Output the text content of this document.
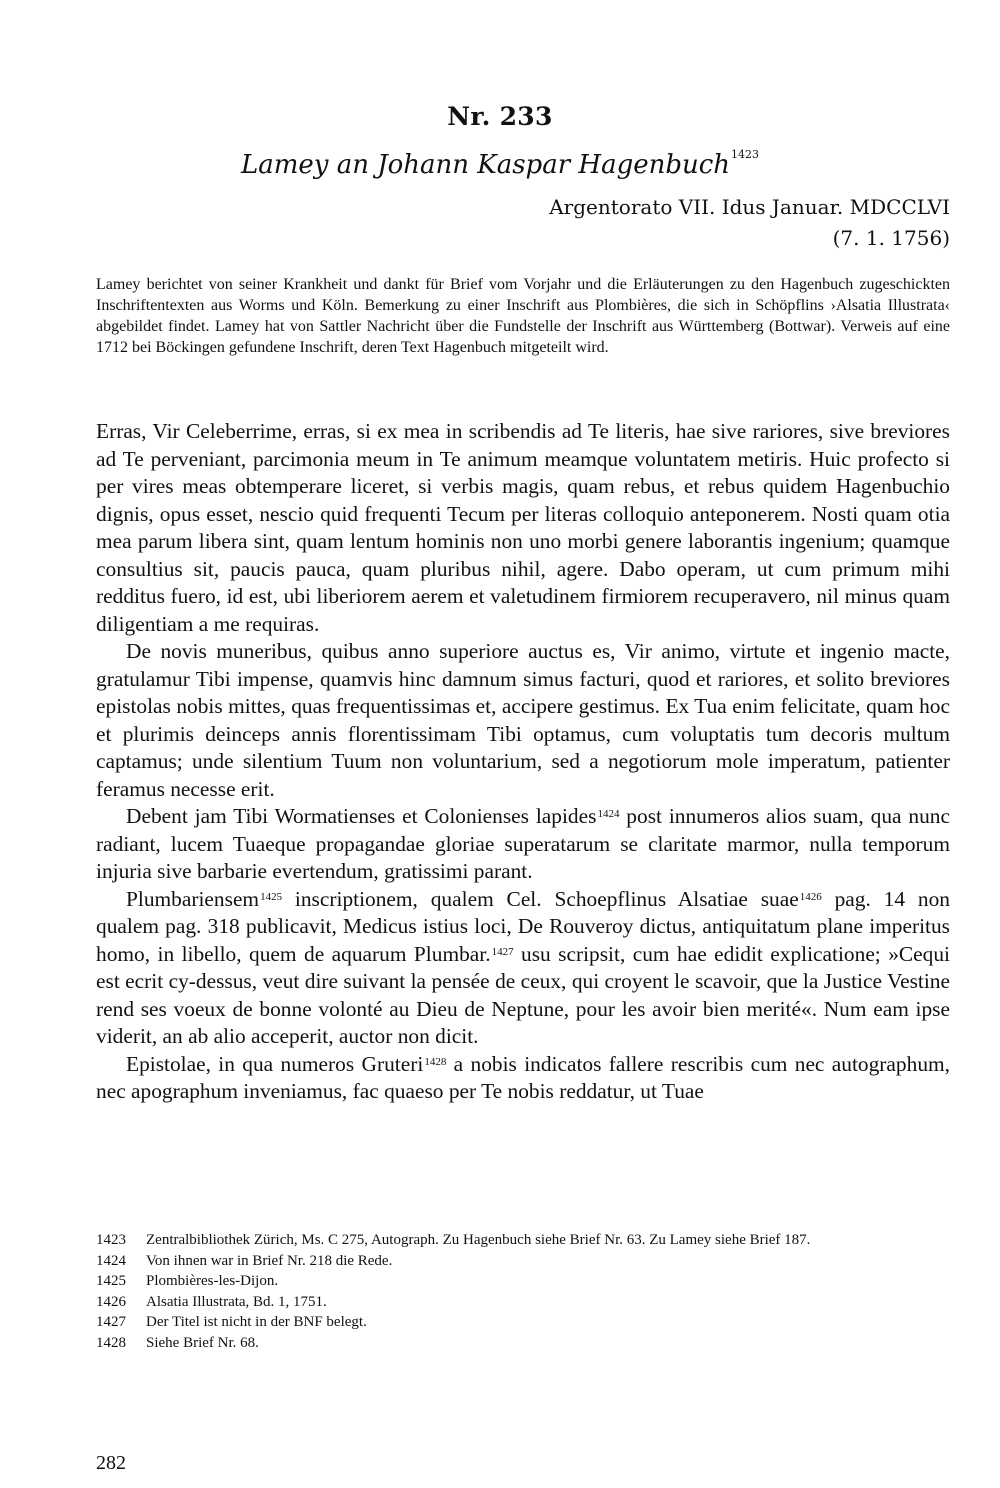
Nr. 233
Lamey an Johann Kaspar Hagenbuch$^{1423}$
Argentorato VII. Idus Januar. MDCCLVI
(7. 1. 1756)
Lamey berichtet von seiner Krankheit und dankt für Brief vom Vorjahr und die Erläuterungen zu den Hagenbuch zugeschickten Inschriftentexten aus Worms und Köln. Bemerkung zu einer Inschrift aus Plombières, die sich in Schöpflins ›Alsatia Illustrata‹ abgebildet findet. Lamey hat von Sattler Nachricht über die Fundstelle der Inschrift aus Württemberg (Bottwar). Verweis auf eine 1712 bei Böckingen gefundene Inschrift, deren Text Hagenbuch mitgeteilt wird.

Erras, Vir Celeberrime, erras, si ex mea in scribendis ad Te literis, hae sive rariores, sive breviores ad Te perveniant, parcimonia meum in Te animum meamque voluntatem metiris. Huic profecto si per vires meas obtemperare liceret, si verbis magis, quam rebus, et rebus quidem Hagenbuchio dignis, opus esset, nescio quid frequenti Tecum per literas colloquio anteponerem. Nosti quam otia mea parum libera sint, quam lentum hominis non uno morbi genere laborantis ingenium; quamque consultius sit, paucis pauca, quam pluribus nihil, agere. Dabo operam, ut cum primum mihi redditus fuero, id est, ubi liberiorem aerem et valetudinem firmiorem recuperavero, nil minus quam diligentiam a me requiras.

De novis muneribus, quibus anno superiore auctus es, Vir animo, virtute et ingenio macte, gratulamur Tibi impense, quamvis hinc damnum simus facturi, quod et rariores, et solito breviores epistolas nobis mittes, quas frequentissimas et, accipere gestimus. Ex Tua enim felicitate, quam hoc et plurimis deinceps annis florentissimam Tibi optamus, cum voluptatis tum decoris multum captamus; unde silentium Tuum non voluntarium, sed a negotiorum mole imperatum, patienter feramus necesse erit.

Debent jam Tibi Wormatienses et Colonienses lapides$^{1424}$ post innumeros alios suam, qua nunc radiant, lucem Tuaeque propagandae gloriae superatarum se claritate marmor, nulla temporum injuria sive barbarie evertendum, gratissimi parant.

Plumbariensem$^{1425}$ inscriptionem, qualem Cel. Schoepflinus Alsatiae suae$^{1426}$ pag. 14 non qualem pag. 318 publicavit, Medicus istius loci, De Rouveroy dictus, antiquitatum plane imperitus homo, in libello, quem de aquarum Plumbar.$^{1427}$ usu scripsit, cum hae edidit explicatione; »Cequi est ecrit cy-dessus, veut dire suivant la pensée de ceux, qui croyent le scavoir, que la Justice Vestine rend ses voeux de bonne volonté au Dieu de Neptune, pour les avoir bien merité«. Num eam ipse viderit, an ab alio acceperit, auctor non dicit.

Epistolae, in qua numeros Gruteri$^{1428}$ a nobis indicatos fallere rescribis cum nec autographum, nec apographum inveniamus, fac quaeso per Te nobis reddatur, ut Tuae

1423 Zentralbibliothek Zürich, Ms. C 275, Autograph. Zu Hagenbuch siehe Brief Nr. 63. Zu Lamey siehe Brief 187.
1424 Von ihnen war in Brief Nr. 218 die Rede.
1425 Plombières-les-Dijon.
1426 Alsatia Illustrata, Bd. 1, 1751.
1427 Der Titel ist nicht in der BNF belegt.
1428 Siehe Brief Nr. 68.
282
